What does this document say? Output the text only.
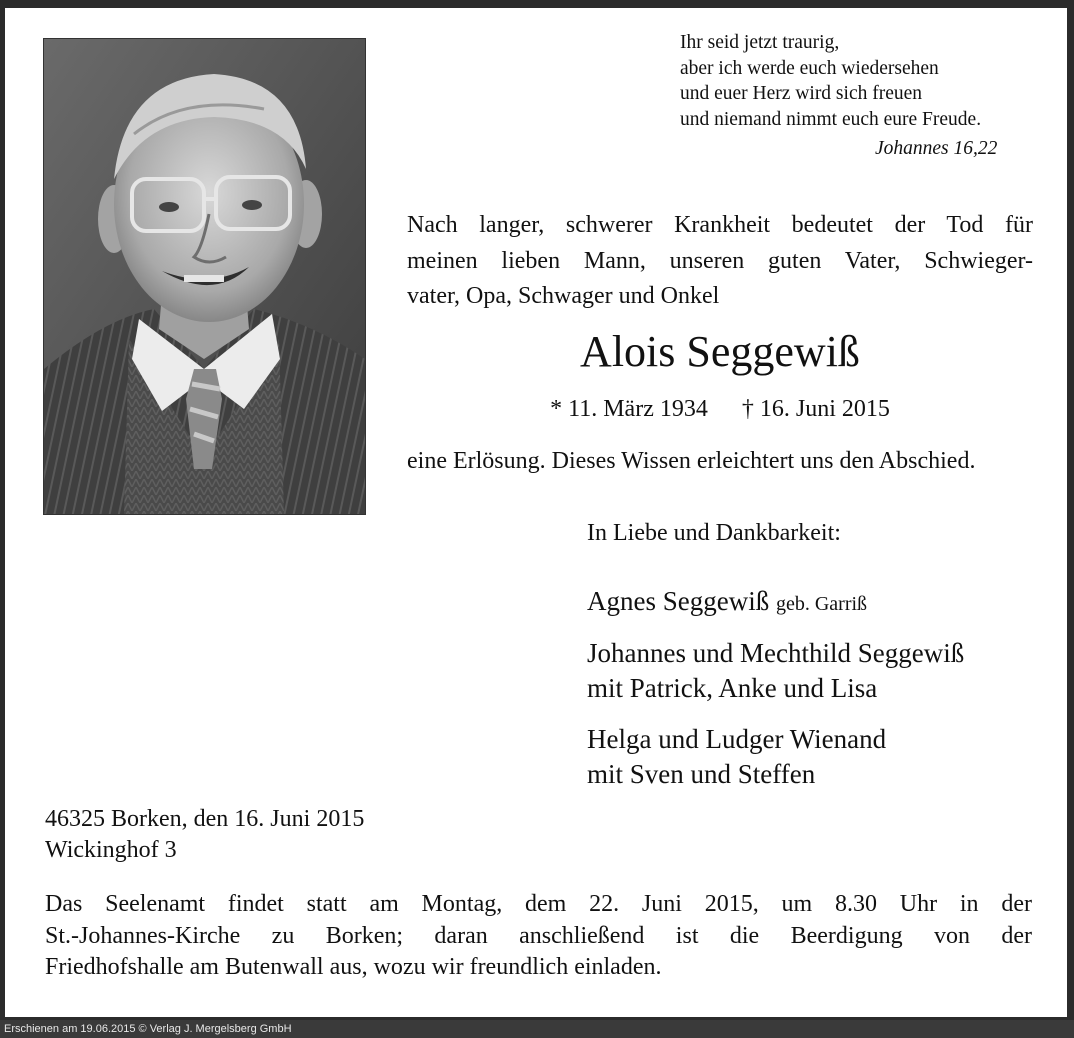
Ihr seid jetzt traurig,
aber ich werde euch wiedersehen
und euer Herz wird sich freuen
und niemand nimmt euch eure Freude.
Johannes 16,22
Nach langer, schwerer Krankheit bedeutet der Tod für
meinen lieben Mann, unseren guten Vater, Schwieger-
vater, Opa, Schwager und Onkel
Alois Seggewiß
* 11. März 1934 † 16. Juni 2015
eine Erlösung. Dieses Wissen erleichtert uns den Abschied.
In Liebe und Dankbarkeit:
Agnes Seggewiß geb. Garriß
Johannes und Mechthild Seggewiß
mit Patrick, Anke und Lisa
Helga und Ludger Wienand
mit Sven und Steffen
46325 Borken, den 16. Juni 2015
Wickinghof 3
Das Seelenamt findet statt am Montag, dem 22. Juni 2015, um 8.30 Uhr in der
St.-Johannes-Kirche zu Borken; daran anschließend ist die Beerdigung von der
Friedhofshalle am Butenwall aus, wozu wir freundlich einladen.
Erschienen am 19.06.2015 © Verlag J. Mergelsberg GmbH
